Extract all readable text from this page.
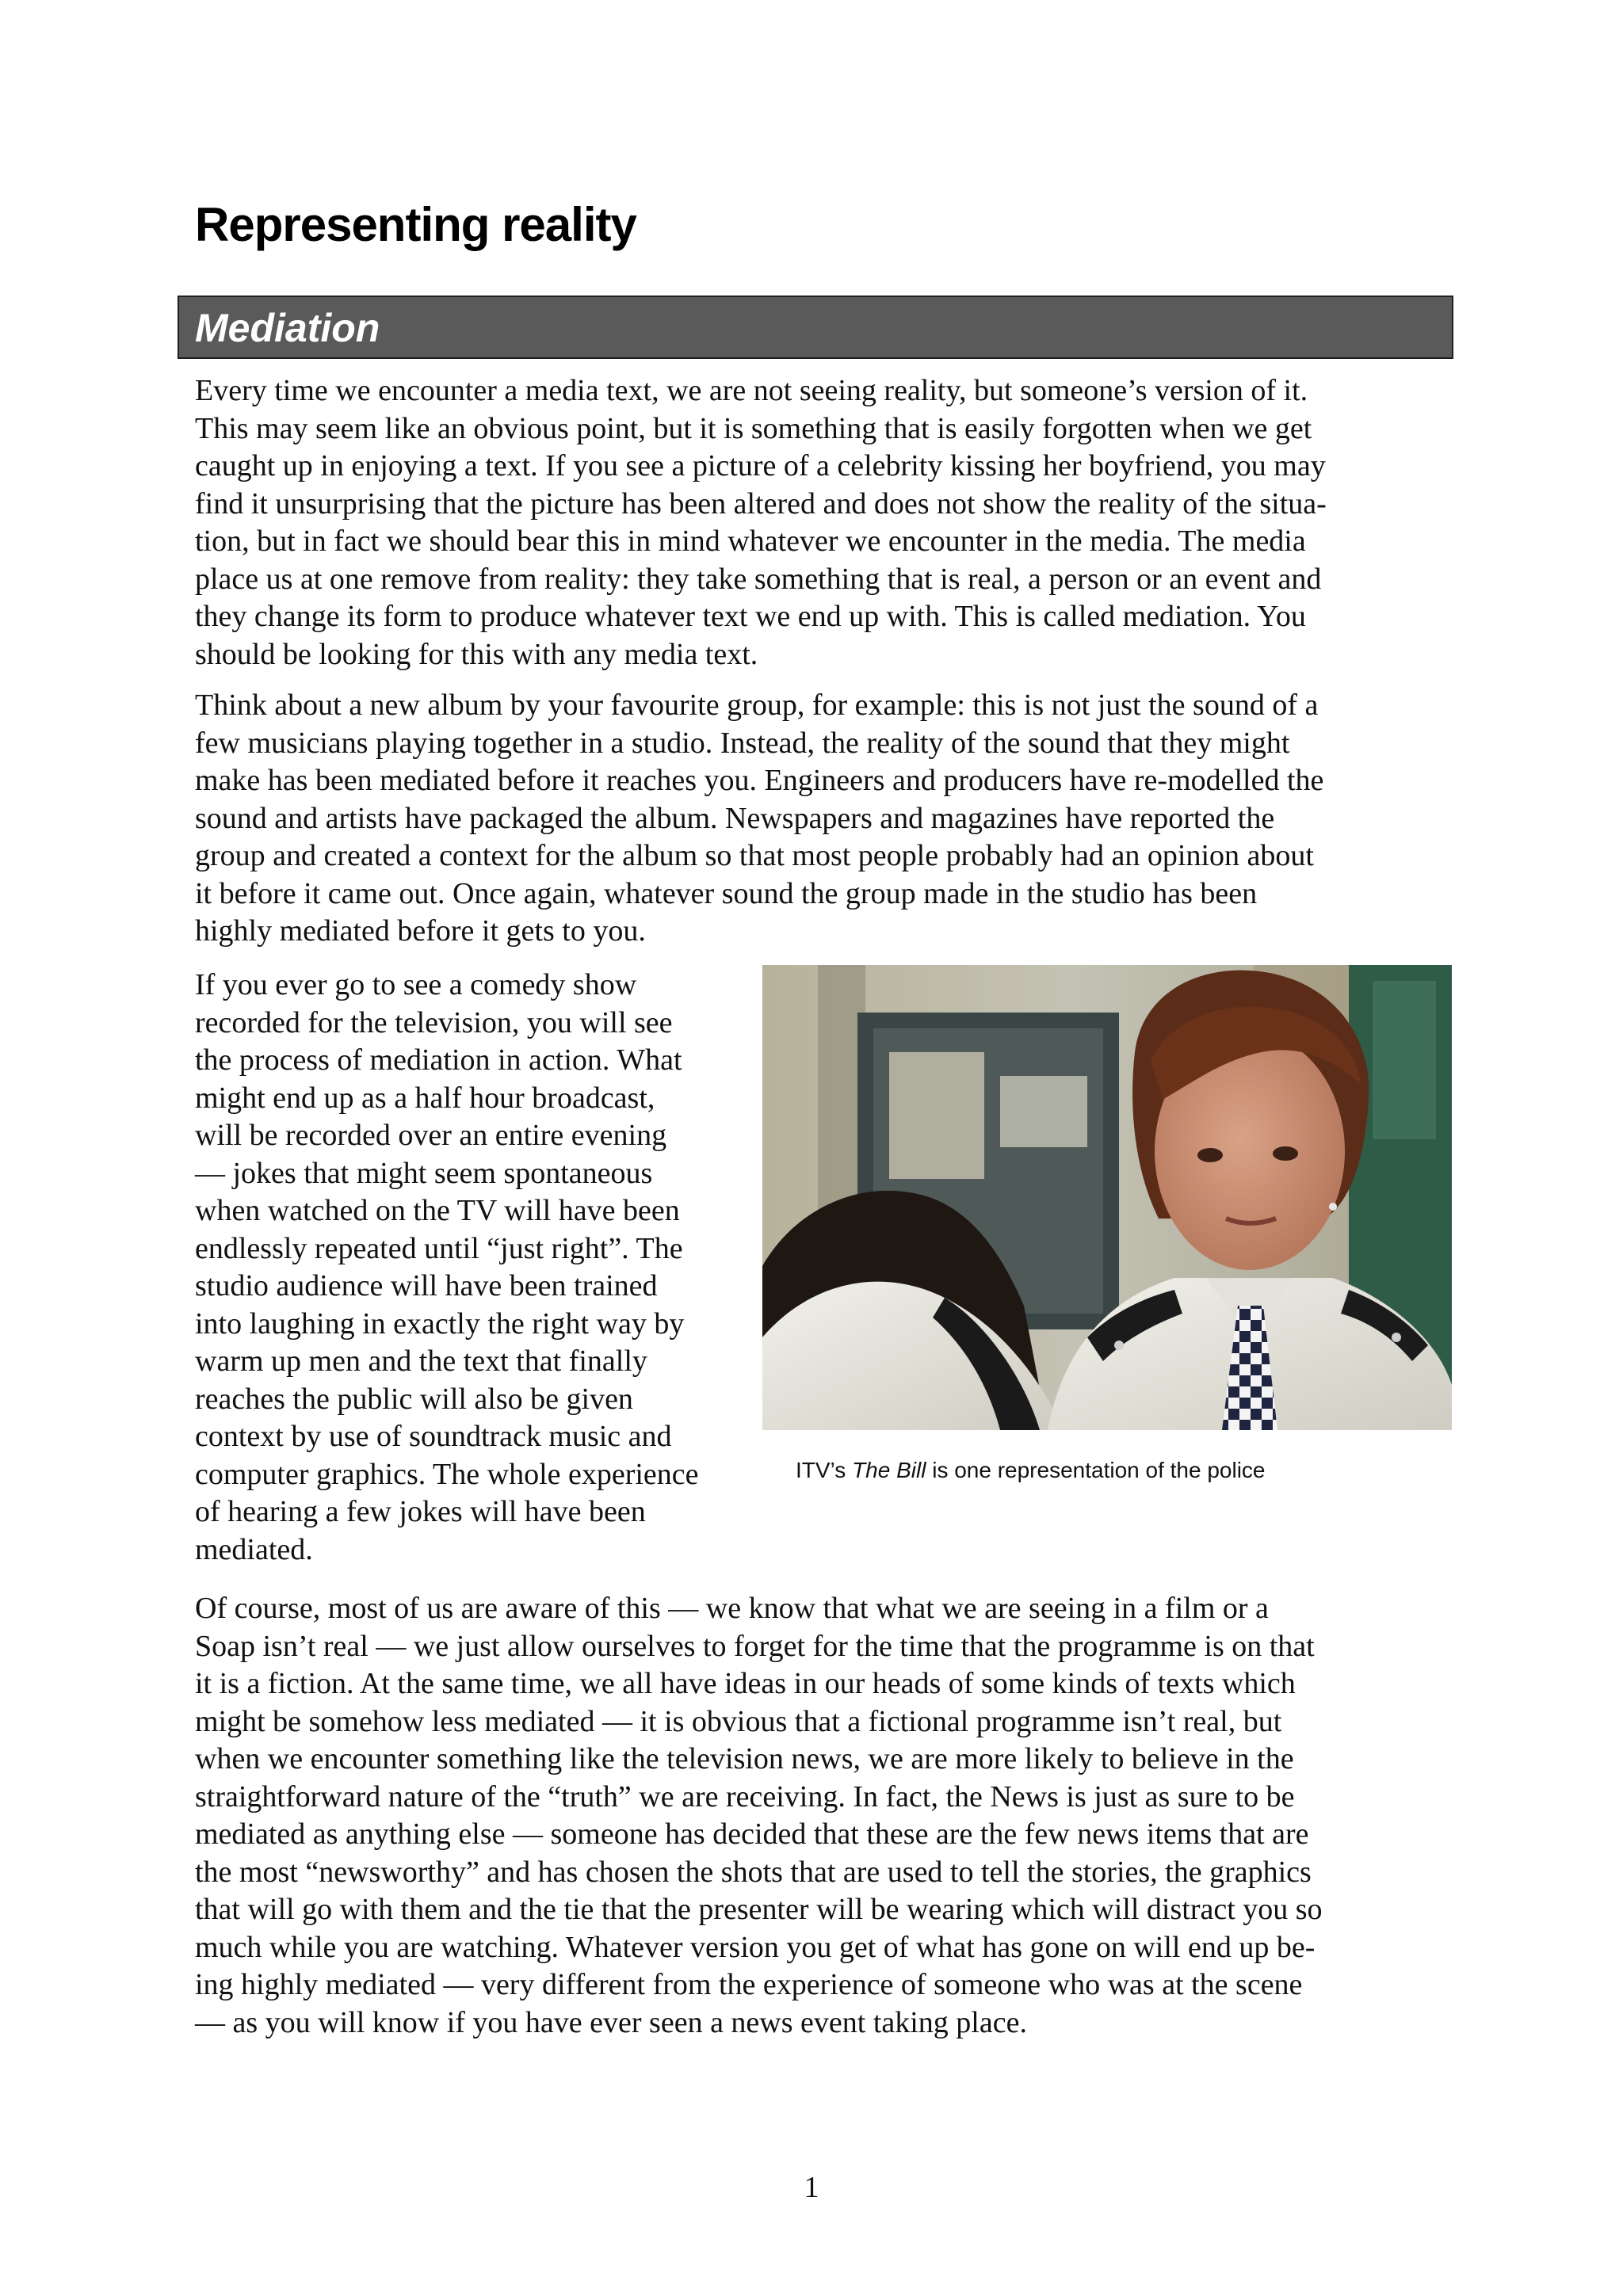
Representing reality
Mediation
Every time we encounter a media text, we are not seeing reality, but someone’s version of it.
This may seem like an obvious point, but it is something that is easily forgotten when we get
caught up in enjoying a text. If you see a picture of a celebrity kissing her boyfriend, you may
find it unsurprising that the picture has been altered and does not show the reality of the situa-
tion, but in fact we should bear this in mind whatever we encounter in the media. The media
place us at one remove from reality: they take something that is real, a person or an event and
they change its form to produce whatever text we end up with. This is called mediation. You
should be looking for this with any media text.
Think about a new album by your favourite group, for example: this is not just the sound of a
few musicians playing together in a studio. Instead, the reality of the sound that they might
make has been mediated before it reaches you. Engineers and producers have re-modelled the
sound and artists have packaged the album. Newspapers and magazines have reported the
group and created a context for the album so that most people probably had an opinion about
it before it came out. Once again, whatever sound the group made in the studio has been
highly mediated before it gets to you.
If you ever go to see a comedy show
recorded for the television, you will see
the process of mediation in action. What
might end up as a half hour broadcast,
will be recorded over an entire evening
— jokes that might seem spontaneous
when watched on the TV will have been
endlessly repeated until “just right”. The
studio audience will have been trained
into laughing in exactly the right way by
warm up men and the text that finally
reaches the public will also be given
context by use of soundtrack music and
computer graphics. The whole experience
of hearing a few jokes will have been
mediated.

ITV’s The Bill is one representation of the police

Of course, most of us are aware of this — we know that what we are seeing in a film or a
Soap isn’t real — we just allow ourselves to forget for the time that the programme is on that
it is a fiction. At the same time, we all have ideas in our heads of some kinds of texts which
might be somehow less mediated — it is obvious that a fictional programme isn’t real, but
when we encounter something like the television news, we are more likely to believe in the
straightforward nature of the “truth” we are receiving. In fact, the News is just as sure to be
mediated as anything else — someone has decided that these are the few news items that are
the most “newsworthy” and has chosen the shots that are used to tell the stories, the graphics
that will go with them and the tie that the presenter will be wearing which will distract you so
much while you are watching. Whatever version you get of what has gone on will end up be-
ing highly mediated — very different from the experience of someone who was at the scene
— as you will know if you have ever seen a news event taking place.
1
